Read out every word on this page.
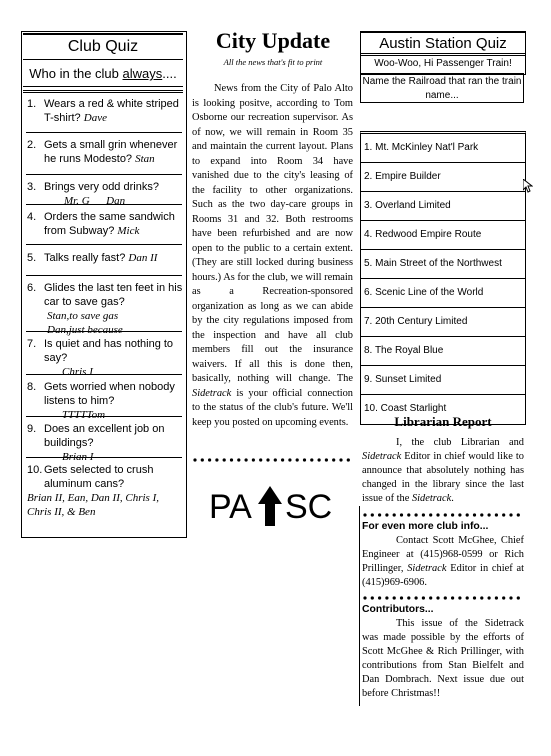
Club Quiz
Who in the club always....
1. Wears a red & white striped T-shirt? Dave
2. Gets a small grin whenever he runs Modesto? Stan
3. Brings very odd drinks?
Mr. G      Dan
4. Orders the same sandwich from Subway? Mick
5. Talks really fast? Dan II
6. Glides the last ten feet in his car to save gas?
Stan,to save gas
Dan,just because
7. Is quiet and has nothing to say?
Chris I
8. Gets worried when nobody listens to him?
TTTTTom
9. Does an excellent job on buildings?
Brian I
10. Gets selected to crush aluminum cans?
Brian II, Ean, Dan II, Chris I, Chris II, & Ben
City Update
All the news that's fit to print

News from the City of Palo Alto is looking positve, according to Tom Osborne our recreation supervisor. As of now, we will remain in Room 35 and maintain the current layout. Plans to expand into Room 34 have vanished due to the city's leasing of the facility to other organizations. Such as the two day-care groups in Rooms 31 and 32. Both restrooms have been refurbished and are now open to the public to a certain extent. (They are still locked during business hours.) As for the club, we will remain as a Recreation-sponsored organization as long as we can abide by the city regulations imposed from the inspection and have all club members fill out the insurance waivers. If all this is done then, basically, nothing will change. The Sidetrack is your official connection to the status of the club's future. We'll keep you posted on upcoming events.

PA SC
Austin Station Quiz
Woo-Woo, Hi Passenger Train!
Name the Railroad that ran the train name...
1. Mt. McKinley Nat'l Park
2. Empire Builder
3. Overland Limited
4. Redwood Empire Route
5. Main Street of the Northwest
6. Scenic Line of the World
7. 20th Century Limited
8. The Royal Blue
9. Sunset Limited
10. Coast Starlight
Librarian Report

I, the club Librarian and Sidetrack Editor in chief would like to announce that absolutely nothing has changed in the library since the last issue of the Sidetrack.

For even more club info...

Contact Scott McGhee, Chief Engineer at (415)968-0599 or Rich Prillinger, Sidetrack Editor in chief at (415)969-6906.

Contributors...

This issue of the Sidetrack was made possible by the efforts of Scott McGhee & Rich Prillinger, with contributions from Stan Bielfelt and Dan Dombrach. Next issue due out before Christmas!!
